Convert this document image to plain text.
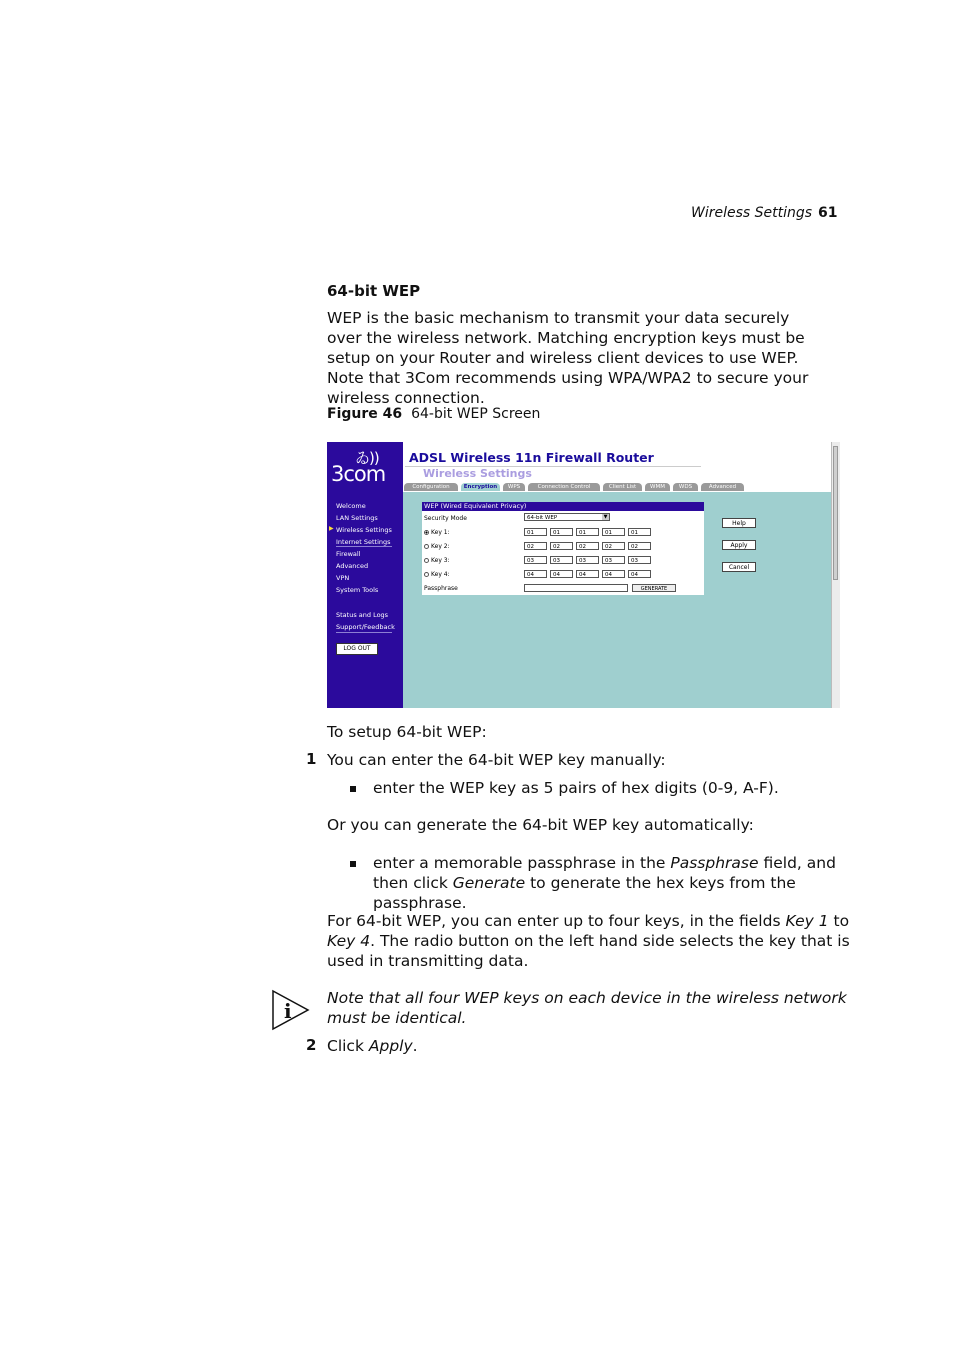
Wireless Settings 61
64-bit WEP
WEP is the basic mechanism to transmit your data securely over the wireless network. Matching encryption keys must be setup on your Router and wireless client devices to use WEP. Note that 3Com recommends using WPA/WPA2 to secure your wireless connection.
Figure 46 64-bit WEP Screen
ゐ))
3com
Welcome
LAN Settings
Wireless Settings
▶
Internet Settings
Firewall
Advanced
VPN
System Tools
Status and Logs
Support/Feedback
LOG OUT
ADSL Wireless 11n Firewall Router
Wireless Settings
Configuration	Encryption	WPS	Connection Control	Client List	WMM	WDS	Advanced
WEP (Wired Equivalent Privacy)
Security Mode	64-bit WEP	▼
Key 1:	01	01	01	01	01
Key 2:	02	02	02	02	02
Key 3:	03	03	03	03	03
Key 4:	04	04	04	04	04
Passphrase	GENERATE
Help
Apply
Cancel
To setup 64-bit WEP:
1 You can enter the 64-bit WEP key manually:
enter the WEP key as 5 pairs of hex digits (0-9, A-F).
Or you can generate the 64-bit WEP key automatically:
enter a memorable passphrase in the Passphrase field, and then click Generate to generate the hex keys from the passphrase.
For 64-bit WEP, you can enter up to four keys, in the fields Key 1 to Key 4. The radio button on the left hand side selects the key that is used in transmitting data.
i
Note that all four WEP keys on each device in the wireless network must be identical.
2 Click Apply.
